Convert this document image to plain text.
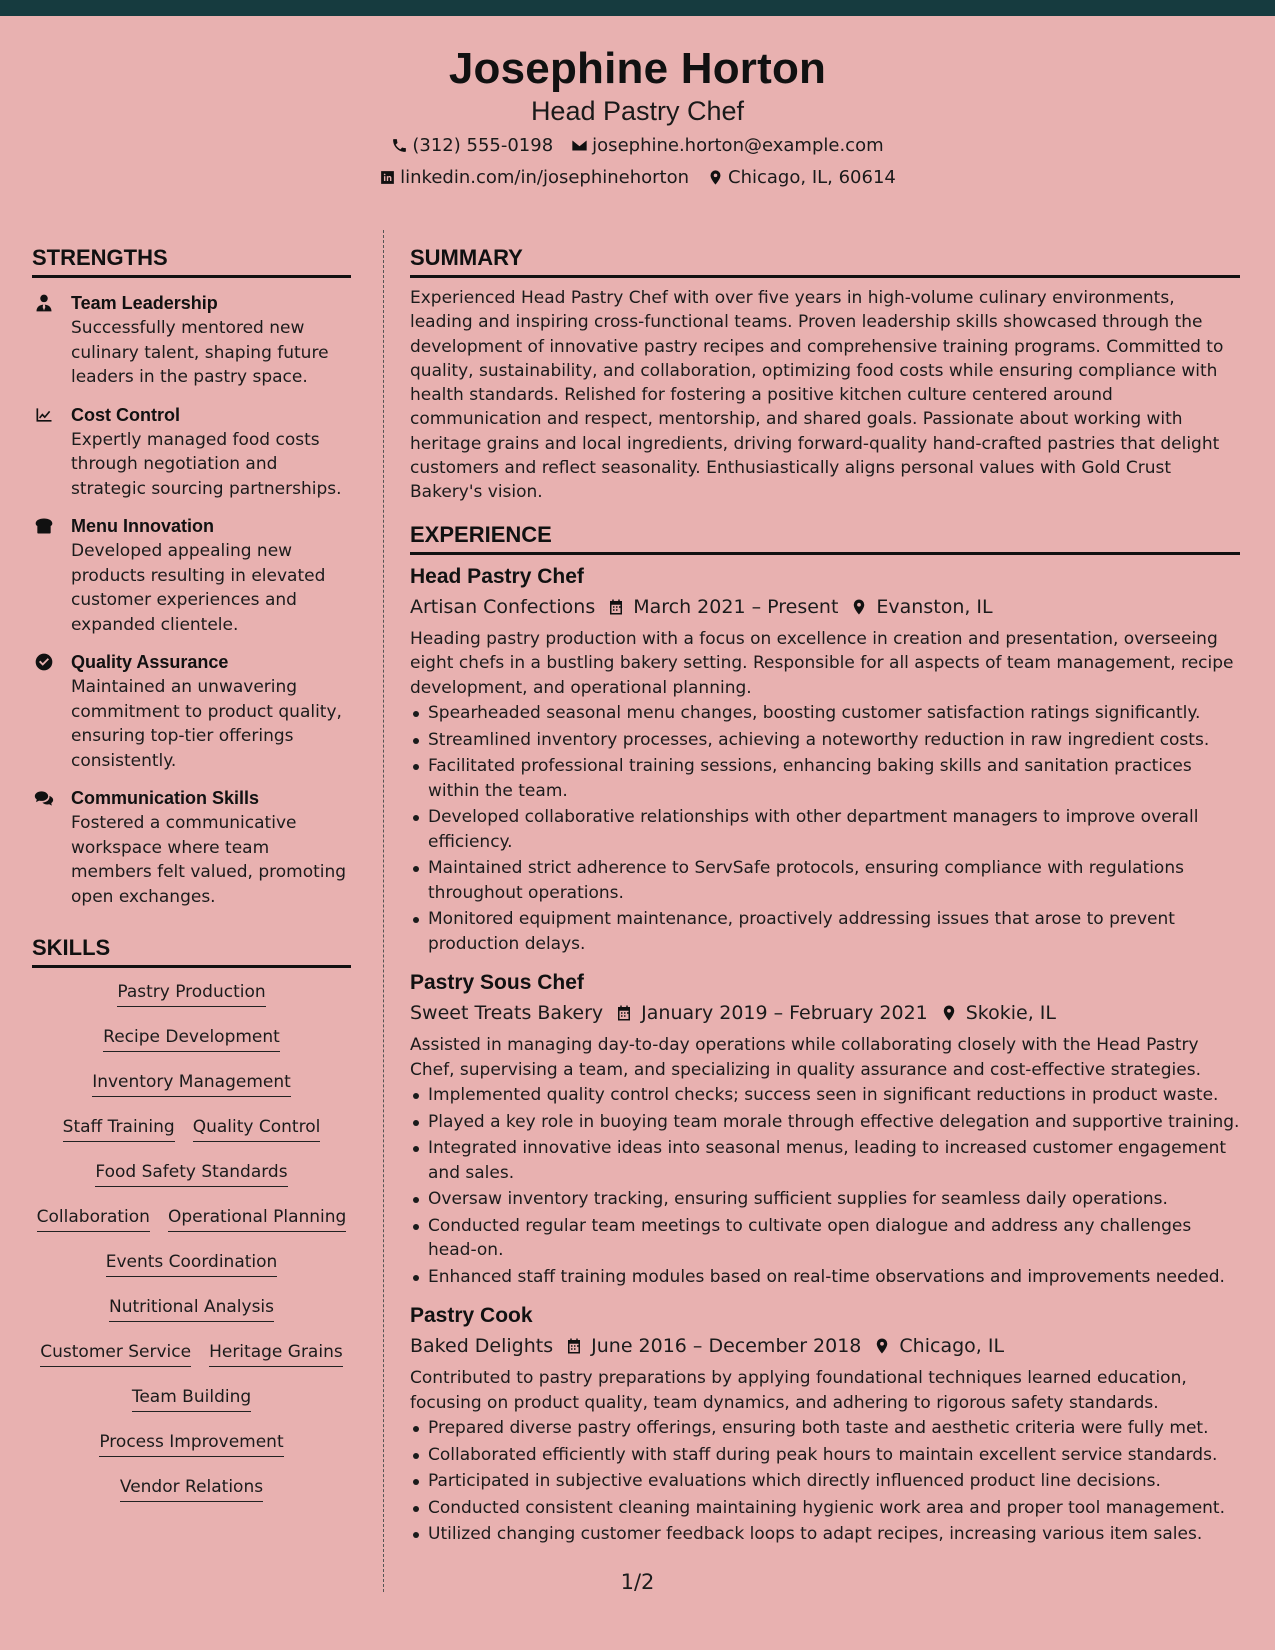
Josephine Horton
Head Pastry Chef
(312) 555-0198 josephine.horton@example.com
linkedin.com/in/josephinehorton Chicago, IL, 60614
STRENGTHS
Team Leadership
Successfully mentored new culinary talent, shaping future leaders in the pastry space.
Cost Control
Expertly managed food costs through negotiation and strategic sourcing partnerships.
Menu Innovation
Developed appealing new products resulting in elevated customer experiences and expanded clientele.
Quality Assurance
Maintained an unwavering commitment to product quality, ensuring top-tier offerings consistently.
Communication Skills
Fostered a communicative workspace where team members felt valued, promoting open exchanges.
SKILLS
Pastry Production
Recipe Development
Inventory Management
Staff Training Quality Control
Food Safety Standards
Collaboration Operational Planning
Events Coordination
Nutritional Analysis
Customer Service Heritage Grains
Team Building
Process Improvement
Vendor Relations
SUMMARY

Experienced Head Pastry Chef with over five years in high-volume culinary environments, leading and inspiring cross-functional teams. Proven leadership skills showcased through the development of innovative pastry recipes and comprehensive training programs. Committed to quality, sustainability, and collaboration, optimizing food costs while ensuring compliance with health standards. Relished for fostering a positive kitchen culture centered around communication and respect, mentorship, and shared goals. Passionate about working with heritage grains and local ingredients, driving forward-quality hand-crafted pastries that delight customers and reflect seasonality. Enthusiastically aligns personal values with Gold Crust Bakery's vision.

EXPERIENCE
Head Pastry Chef
Artisan Confections March 2021 – Present Evanston, IL
Heading pastry production with a focus on excellence in creation and presentation, overseeing eight chefs in a bustling bakery setting. Responsible for all aspects of team management, recipe development, and operational planning.
Spearheaded seasonal menu changes, boosting customer satisfaction ratings significantly.
Streamlined inventory processes, achieving a noteworthy reduction in raw ingredient costs.
Facilitated professional training sessions, enhancing baking skills and sanitation practices within the team.
Developed collaborative relationships with other department managers to improve overall efficiency.
Maintained strict adherence to ServSafe protocols, ensuring compliance with regulations throughout operations.
Monitored equipment maintenance, proactively addressing issues that arose to prevent production delays.
Pastry Sous Chef
Sweet Treats Bakery January 2019 – February 2021 Skokie, IL
Assisted in managing day-to-day operations while collaborating closely with the Head Pastry Chef, supervising a team, and specializing in quality assurance and cost-effective strategies.
Implemented quality control checks; success seen in significant reductions in product waste.
Played a key role in buoying team morale through effective delegation and supportive training.
Integrated innovative ideas into seasonal menus, leading to increased customer engagement and sales.
Oversaw inventory tracking, ensuring sufficient supplies for seamless daily operations.
Conducted regular team meetings to cultivate open dialogue and address any challenges head-on.
Enhanced staff training modules based on real-time observations and improvements needed.
Pastry Cook
Baked Delights June 2016 – December 2018 Chicago, IL
Contributed to pastry preparations by applying foundational techniques learned education, focusing on product quality, team dynamics, and adhering to rigorous safety standards.
Prepared diverse pastry offerings, ensuring both taste and aesthetic criteria were fully met.
Collaborated efficiently with staff during peak hours to maintain excellent service standards.
Participated in subjective evaluations which directly influenced product line decisions.
Conducted consistent cleaning maintaining hygienic work area and proper tool management.
Utilized changing customer feedback loops to adapt recipes, increasing various item sales.
1/2
